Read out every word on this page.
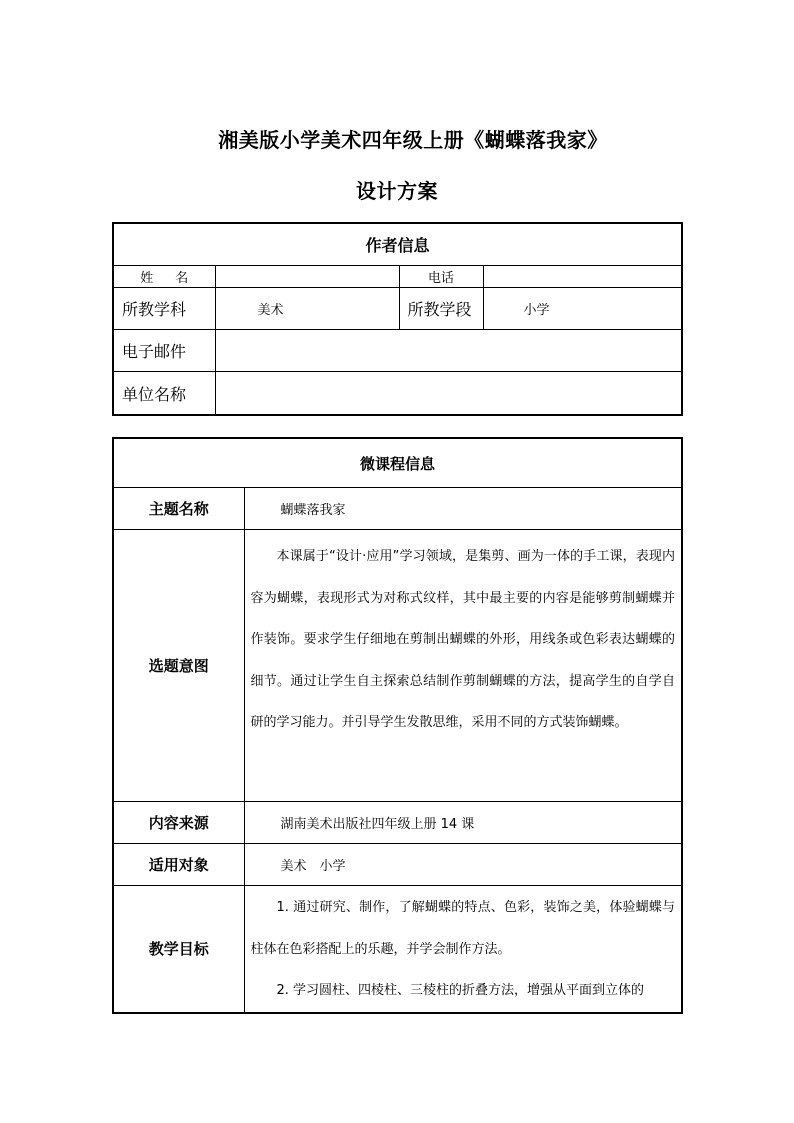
湘美版小学美术四年级上册《蝴蝶落我家》
设计方案
作者信息			
姓名		电话	
所教学科	美术	所教学段	小学
电子邮件			
单位名称			
微课程信息	
主题名称	蝴蝶落我家
选题意图	本课属于“设计·应用”学习领域，是集剪、画为一体的手工课，表现内容为蝴蝶，表现形式为对称式纹样，其中最主要的内容是能够剪制蝴蝶并作装饰。要求学生仔细地在剪制出蝴蝶的外形，用线条或色彩表达蝴蝶的细节。通过让学生自主探索总结制作剪制蝴蝶的方法，提高学生的自学自研的学习能力。并引导学生发散思维，采用不同的方式装饰蝴蝶。

内容来源	湖南美术出版社四年级上册 14 课
适用对象	美术　小学
教学目标	1. 通过研究、制作，了解蝴蝶的特点、色彩，装饰之美，体验蝴蝶与柱体在色彩搭配上的乐趣，并学会制作方法。

2. 学习圆柱、四棱柱、三棱柱的折叠方法，增强从平面到立体的
